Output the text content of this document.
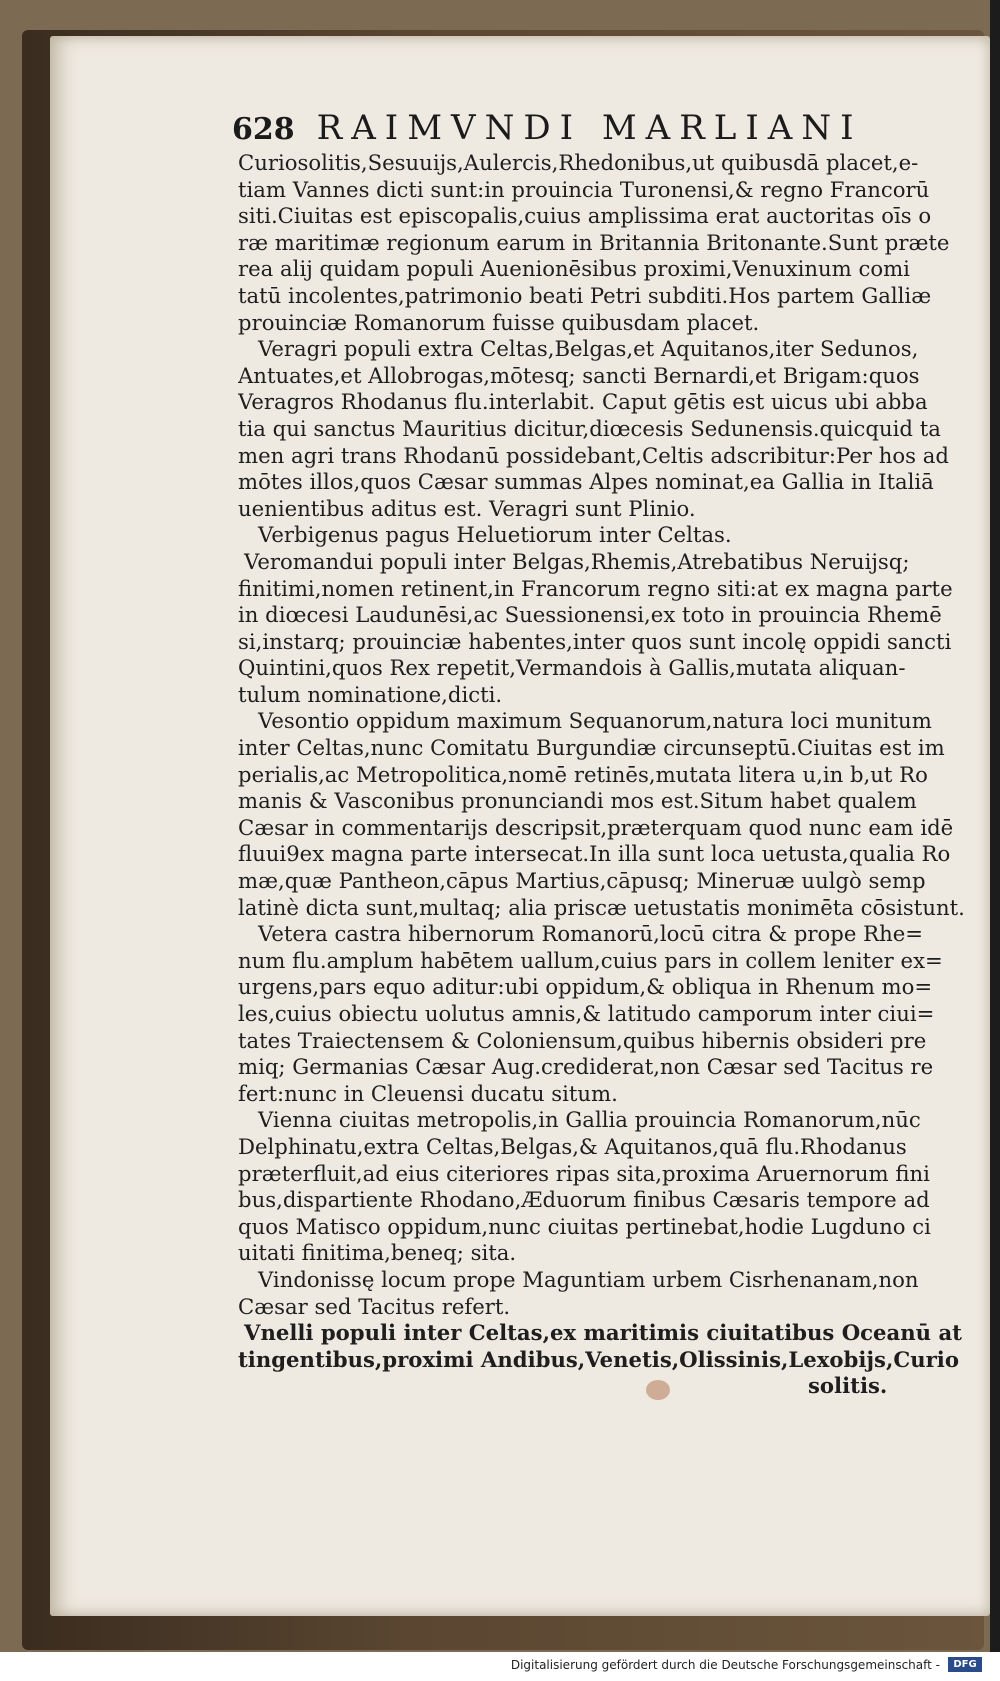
628 RAIMVNDI MARLIANI
Curiosolitis,Sesuuijs,Aulercis,Rhedonibus,ut quibusdā placet,e-
tiam Vannes dicti sunt:in prouincia Turonensi,& regno Francorū
siti.Ciuitas est episcopalis,cuius amplissima erat auctoritas oīs o
ræ maritimæ regionum earum in Britannia Britonante.Sunt præte
rea alij quidam populi Auenionēsibus proximi,Venuxinum comi
tatū incolentes,patrimonio beati Petri subditi.Hos partem Galliæ
prouinciæ Romanorum fuisse quibusdam placet.
Veragri populi extra Celtas,Belgas,et Aquitanos,iter Sedunos,
Antuates,et Allobrogas,mōtesq; sancti Bernardi,et Brigam:quos
Veragros Rhodanus flu.interlabit. Caput gētis est uicus ubi abba
tia qui sanctus Mauritius dicitur,diœcesis Sedunensis.quicquid ta
men agri trans Rhodanū possidebant,Celtis adscribitur:Per hos ad
mōtes illos,quos Cæsar summas Alpes nominat,ea Gallia in Italiā
uenientibus aditus est. Veragri sunt Plinio.
Verbigenus pagus Heluetiorum inter Celtas.
Veromandui populi inter Belgas,Rhemis,Atrebatibus Neruijsq;
finitimi,nomen retinent,in Francorum regno siti:at ex magna parte
in diœcesi Laudunēsi,ac Suessionensi,ex toto in prouincia Rhemē
si,instarq; prouinciæ habentes,inter quos sunt incolę oppidi sancti
Quintini,quos Rex repetit,Vermandois à Gallis,mutata aliquan-
tulum nominatione,dicti.
Vesontio oppidum maximum Sequanorum,natura loci munitum
inter Celtas,nunc Comitatu Burgundiæ circunseptū.Ciuitas est im
perialis,ac Metropolitica,nomē retinēs,mutata litera u,in b,ut Ro
manis & Vasconibus pronunciandi mos est.Situm habet qualem
Cæsar in commentarijs descripsit,præterquam quod nunc eam idē
fluui9ex magna parte intersecat.In illa sunt loca uetusta,qualia Ro
mæ,quæ Pantheon,cāpus Martius,cāpusq; Mineruæ uulgò semp
latinè dicta sunt,multaq; alia priscæ uetustatis monimēta cōsistunt.
Vetera castra hibernorum Romanorū,locū citra & prope Rhe=
num flu.amplum habētem uallum,cuius pars in collem leniter ex=
urgens,pars equo aditur:ubi oppidum,& obliqua in Rhenum mo=
les,cuius obiectu uolutus amnis,& latitudo camporum inter ciui=
tates Traiectensem & Coloniensum,quibus hibernis obsideri pre
miq; Germanias Cæsar Aug.crediderat,non Cæsar sed Tacitus re
fert:nunc in Cleuensi ducatu situm.
Vienna ciuitas metropolis,in Gallia prouincia Romanorum,nūc
Delphinatu,extra Celtas,Belgas,& Aquitanos,quā flu.Rhodanus
præterfluit,ad eius citeriores ripas sita,proxima Aruernorum fini
bus,dispartiente Rhodano,Æduorum finibus Cæsaris tempore ad
quos Matisco oppidum,nunc ciuitas pertinebat,hodie Lugduno ci
uitati finitima,beneq; sita.
Vindonissę locum prope Maguntiam urbem Cisrhenanam,non
Cæsar sed Tacitus refert.
Vnelli populi inter Celtas,ex maritimis ciuitatibus Oceanū at
tingentibus,proximi Andibus,Venetis,Olissinis,Lexobijs,Curio
solitis.
Digitalisierung gefördert durch die Deutsche Forschungsgemeinschaft -	DFG
